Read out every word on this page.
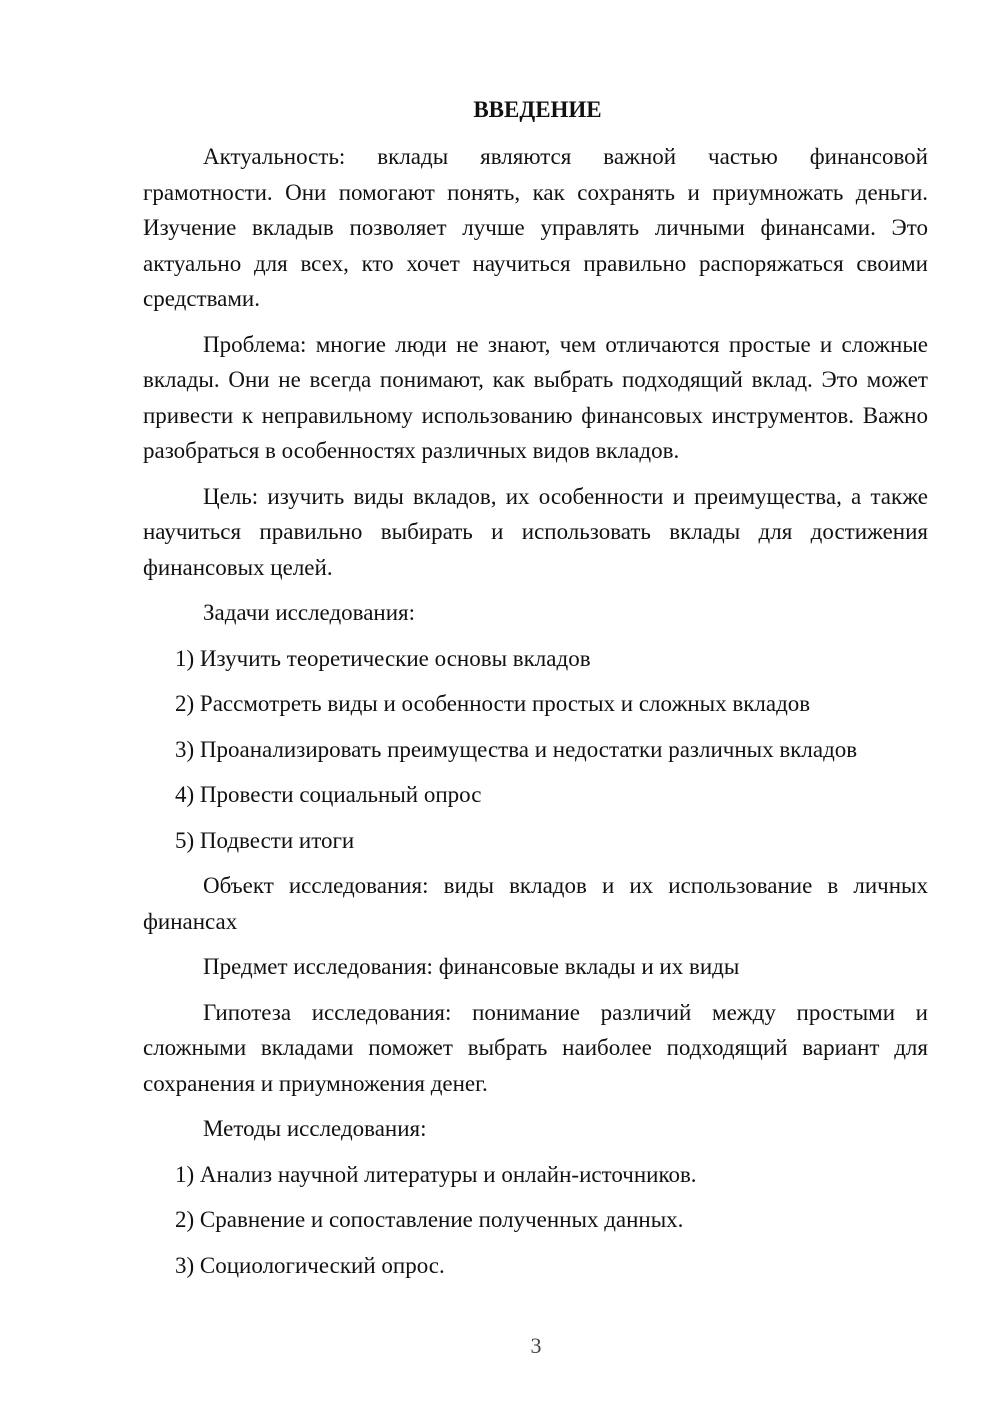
ВВЕДЕНИЕ

Актуальность: вклады являются важной частью финансовой грамотности. Они помогают понять, как сохранять и приумножать деньги. Изучение вкладыв позволяет лучше управлять личными финансами. Это актуально для всех, кто хочет научиться правильно распоряжаться своими средствами.

Проблема: многие люди не знают, чем отличаются простые и сложные вклады. Они не всегда понимают, как выбрать подходящий вклад. Это может привести к неправильному использованию финансовых инструментов. Важно разобраться в особенностях различных видов вкладов.

Цель: изучить виды вкладов, их особенности и преимущества, а также научиться правильно выбирать и использовать вклады для достижения финансовых целей.

Задачи исследования:
1) Изучить теоретические основы вкладов
2) Рассмотреть виды и особенности простых и сложных вкладов
3) Проанализировать преимущества и недостатки различных вкладов
4) Провести социальный опрос
5) Подвести итоги

Объект исследования: виды вкладов и их использование в личных финансах

Предмет исследования: финансовые вклады и их виды

Гипотеза исследования: понимание различий между простыми и сложными вкладами поможет выбрать наиболее подходящий вариант для сохранения и приумножения денег.

Методы исследования:
1) Анализ научной литературы и онлайн-источников.
2) Сравнение и сопоставление полученных данных.
3) Социологический опрос.
3
